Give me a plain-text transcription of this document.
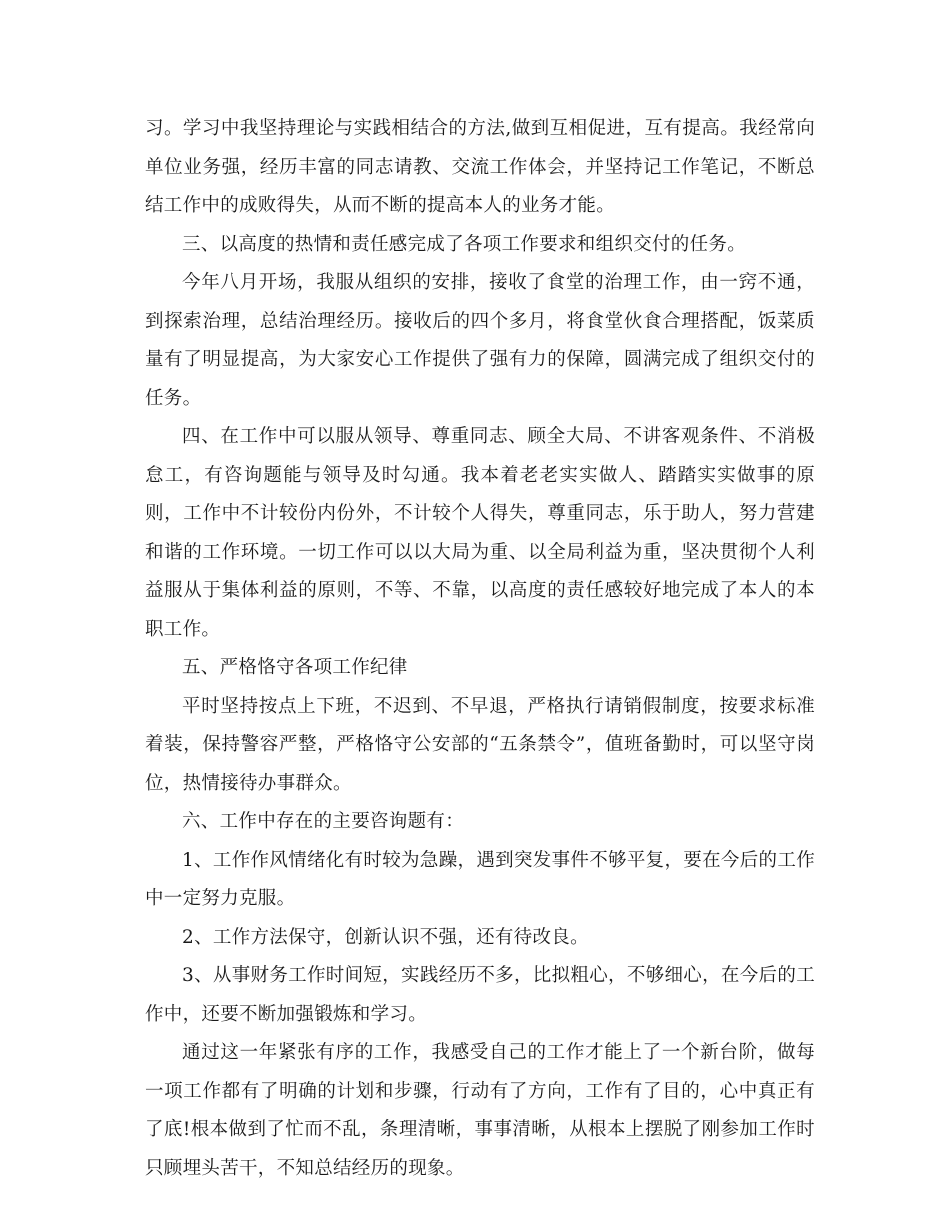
习。学习中我坚持理论与实践相结合的方法,做到互相促进，互有提高。我经常向单位业务强，经历丰富的同志请教、交流工作体会，并坚持记工作笔记，不断总结工作中的成败得失，从而不断的提高本人的业务才能。

三、以高度的热情和责任感完成了各项工作要求和组织交付的任务。

今年八月开场，我服从组织的安排，接收了食堂的治理工作，由一窍不通，到探索治理，总结治理经历。接收后的四个多月，将食堂伙食合理搭配，饭菜质量有了明显提高，为大家安心工作提供了强有力的保障，圆满完成了组织交付的任务。

四、在工作中可以服从领导、尊重同志、顾全大局、不讲客观条件、不消极怠工，有咨询题能与领导及时勾通。我本着老老实实做人、踏踏实实做事的原则，工作中不计较份内份外，不计较个人得失，尊重同志，乐于助人，努力营建和谐的工作环境。一切工作可以以大局为重、以全局利益为重，坚决贯彻个人利益服从于集体利益的原则，不等、不靠，以高度的责任感较好地完成了本人的本职工作。

五、严格恪守各项工作纪律

平时坚持按点上下班，不迟到、不早退，严格执行请销假制度，按要求标准着装，保持警容严整，严格恪守公安部的“五条禁令”，值班备勤时，可以坚守岗位，热情接待办事群众。

六、工作中存在的主要咨询题有：

1、工作作风情绪化有时较为急躁，遇到突发事件不够平复，要在今后的工作中一定努力克服。

2、工作方法保守，创新认识不强，还有待改良。

3、从事财务工作时间短，实践经历不多，比拟粗心，不够细心，在今后的工作中，还要不断加强锻炼和学习。

通过这一年紧张有序的工作，我感受自己的工作才能上了一个新台阶，做每一项工作都有了明确的计划和步骤，行动有了方向，工作有了目的，心中真正有了底!根本做到了忙而不乱，条理清晰，事事清晰，从根本上摆脱了刚参加工作时只顾埋头苦干，不知总结经历的现象。
